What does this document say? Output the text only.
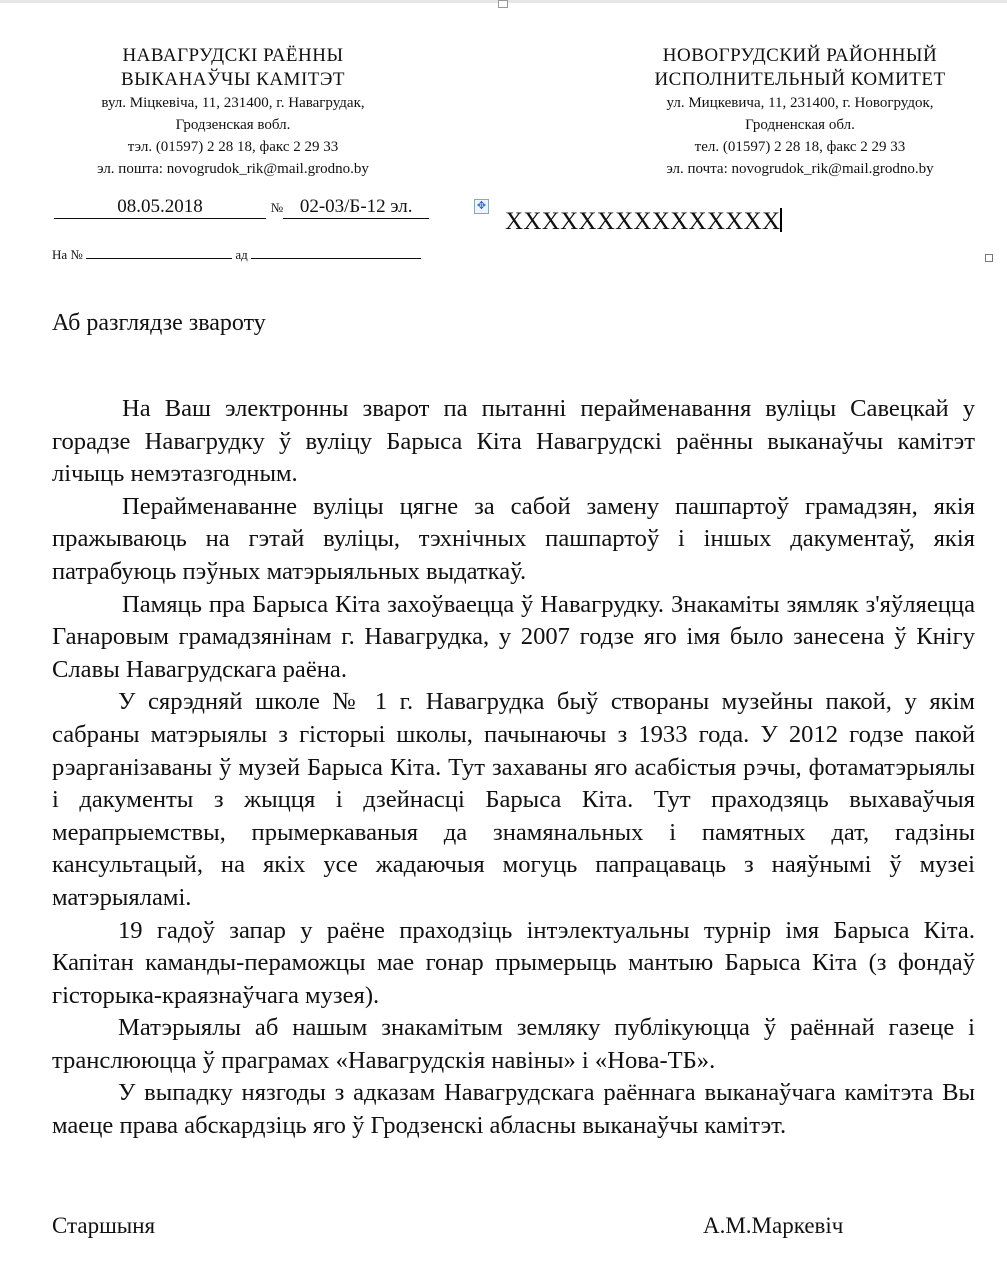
НАВАГРУДСКІ РАЁННЫ
ВЫКАНАЎЧЫ КАМІТЭТ
вул. Міцкевіча, 11, 231400, г. Навагрудак,
Гродзенская вобл.
тэл. (01597) 2 28 18, факс 2 29 33
эл. пошта: novogrudok_rik@mail.grodno.by
НОВОГРУДСКИЙ РАЙОННЫЙ
ИСПОЛНИТЕЛЬНЫЙ КОМИТЕТ
ул. Мицкевича, 11, 231400, г. Новогрудок,
Гродненская обл.
тел. (01597) 2 28 18, факс 2 29 33
эл. почта: novogrudok_rik@mail.grodno.by
08.05.2018	№ 02-03/Б-12 эл.
На №	ад
✥
XXXXXXXXXXXXXXX
Аб разглядзе звароту

На Ваш электронны зварот па пытанні перайменавання вуліцы Савецкай у горадзе Навагрудку ў вуліцу Барыса Кіта Навагрудскі раённы выканаўчы камітэт лічыць немэтазгодным.

Перайменаванне вуліцы цягне за сабой замену пашпартоў грамадзян, якія пражываюць на гэтай вуліцы, тэхнічных пашпартоў і іншых дакументаў, якія патрабуюць пэўных матэрыяльных выдаткаў.

Памяць пра Барыса Кіта захоўваецца ў Навагрудку. Знакаміты зямляк з'яўляецца Ганаровым грамадзянінам г. Навагрудка, у 2007 годзе яго імя было занесена ў Кнігу Славы Навагрудскага раёна.

У сярэдняй школе № 1 г. Навагрудка быў створаны музейны пакой, у якім сабраны матэрыялы з гісторыі школы, пачынаючы з 1933 года. У 2012 годзе пакой рэарганізаваны ў музей Барыса Кіта. Тут захаваны яго асабістыя рэчы, фотаматэрыялы і дакументы з жыцця і дзейнасці Барыса Кіта. Тут праходзяць выхаваўчыя мерапрыемствы, прымеркаваныя да знамянальных і памятных дат, гадзіны кансультацый, на якіх усе жадаючыя могуць папрацаваць з наяўнымі ў музеі матэрыяламі.

19 гадоў запар у раёне праходзіць інтэлектуальны турнір імя Барыса Кіта. Капітан каманды-пераможцы мае гонар прымерыць мантыю Барыса Кіта (з фондаў гісторыка-краязнаўчага музея).

Матэрыялы аб нашым знакамітым земляку публікуюцца ў раённай газеце і транслююцца ў праграмах «Навагрудскія навіны» і «Нова-ТБ».

У выпадку нязгоды з адказам Навагрудскага раённага выканаўчага камітэта Вы маеце права абскардзіць яго ў Гродзенскі абласны выканаўчы камітэт.

Старшыня	А.М.Маркевіч
